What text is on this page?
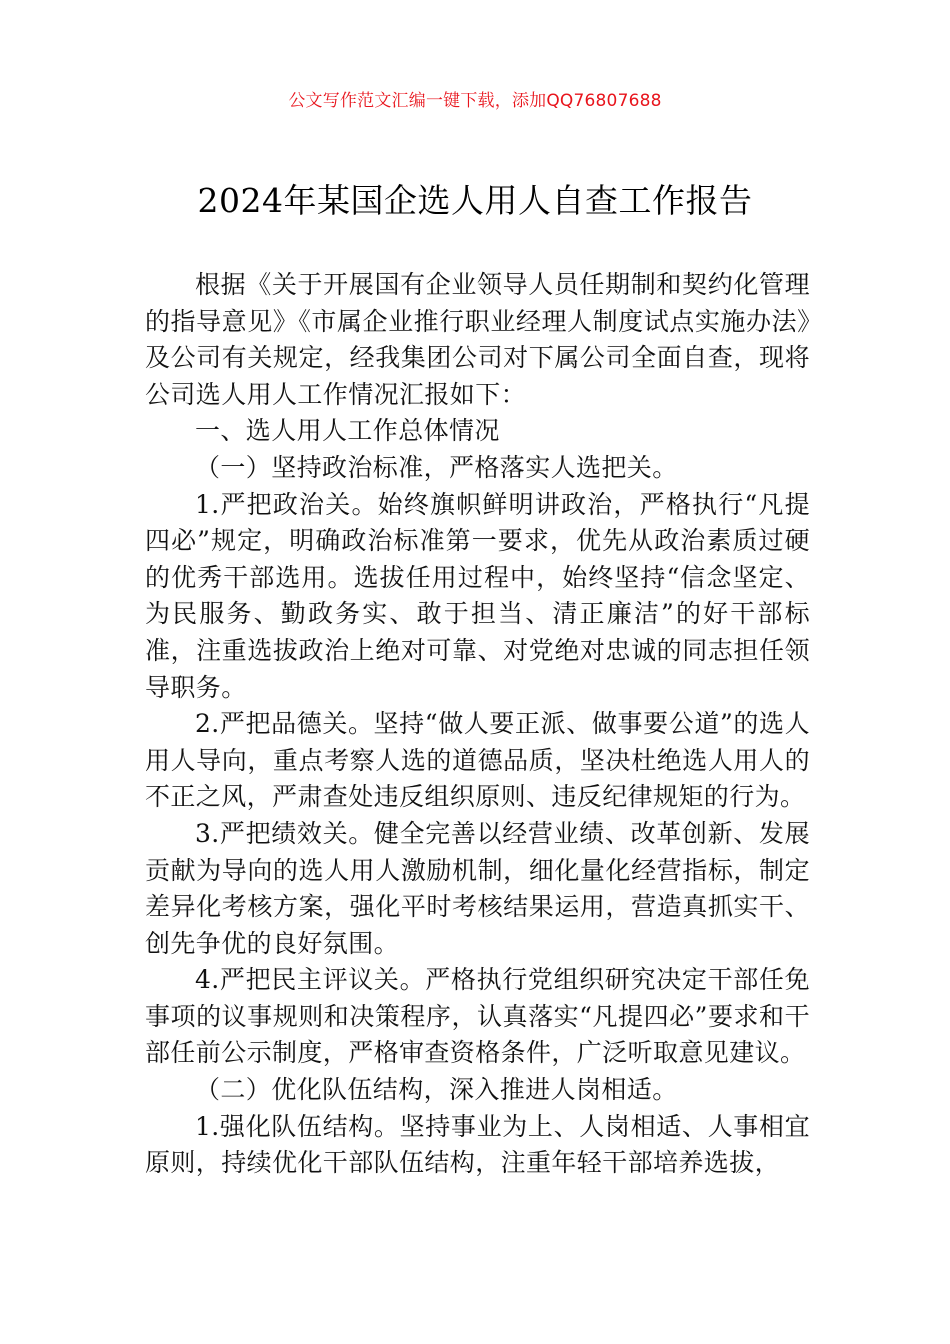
公文写作范文汇编一键下载，添加QQ76807688
2024年某国企选人用人自查工作报告

根据《关于开展国有企业领导人员任期制和契约化管理的指导意见》《市属企业推行职业经理人制度试点实施办法》及公司有关规定，经我集团公司对下属公司全面自查，现将公司选人用人工作情况汇报如下：

一、选人用人工作总体情况

（一）坚持政治标准，严格落实人选把关。

1.严把政治关。始终旗帜鲜明讲政治，严格执行“凡提四必”规定，明确政治标准第一要求，优先从政治素质过硬的优秀干部选用。选拔任用过程中，始终坚持“信念坚定、为民服务、勤政务实、敢于担当、清正廉洁”的好干部标准，注重选拔政治上绝对可靠、对党绝对忠诚的同志担任领导职务。

2.严把品德关。坚持“做人要正派、做事要公道”的选人用人导向，重点考察人选的道德品质，坚决杜绝选人用人的不正之风，严肃查处违反组织原则、违反纪律规矩的行为。

3.严把绩效关。健全完善以经营业绩、改革创新、发展贡献为导向的选人用人激励机制，细化量化经营指标，制定差异化考核方案，强化平时考核结果运用，营造真抓实干、创先争优的良好氛围。

4.严把民主评议关。严格执行党组织研究决定干部任免事项的议事规则和决策程序，认真落实“凡提四必”要求和干部任前公示制度，严格审查资格条件，广泛听取意见建议。

（二）优化队伍结构，深入推进人岗相适。

1.强化队伍结构。坚持事业为上、人岗相适、人事相宜原则，持续优化干部队伍结构，注重年轻干部培养选拔，
